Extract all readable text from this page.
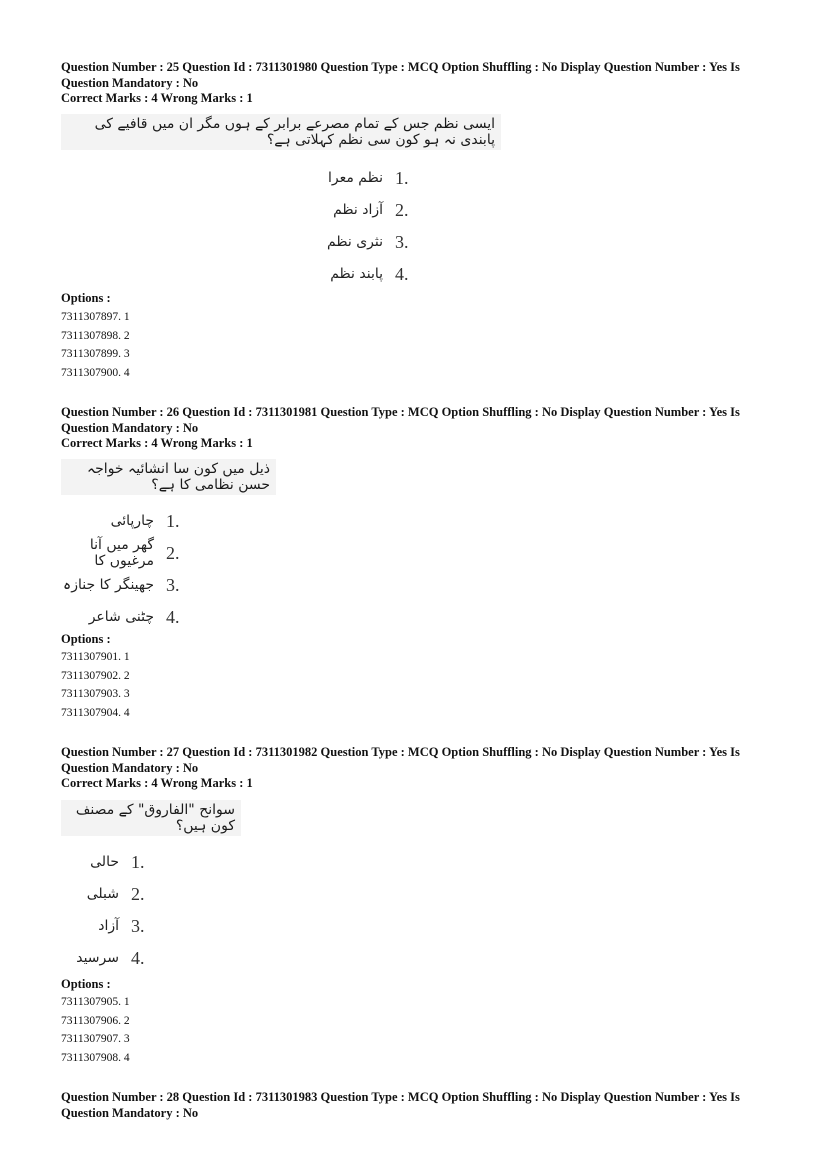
Question Number : 25 Question Id : 7311301980 Question Type : MCQ Option Shuffling : No Display Question Number : Yes Is

Question Mandatory : No

Correct Marks : 4 Wrong Marks : 1

ایسی نظم جس کے تمام مصرعے برابر کے ہوں مگر ان میں قافیے کی پابندی نہ ہو کون سی نظم کہلاتی ہے؟
نظم معرا 1.
آزاد نظم 2.
نثری نظم 3.
پابند نظم 4.

Options :

7311307897. 1
7311307898. 2
7311307899. 3
7311307900. 4

Question Number : 26 Question Id : 7311301981 Question Type : MCQ Option Shuffling : No Display Question Number : Yes Is

Question Mandatory : No

Correct Marks : 4 Wrong Marks : 1

ذیل میں کون سا انشائیہ خواجہ حسن نظامی کا ہے؟
چارپائی 1.
گھر میں آنا مرغیوں کا 2.
جھینگر کا جنازہ 3.
چٹنی شاعر 4.

Options :

7311307901. 1
7311307902. 2
7311307903. 3
7311307904. 4

Question Number : 27 Question Id : 7311301982 Question Type : MCQ Option Shuffling : No Display Question Number : Yes Is

Question Mandatory : No

Correct Marks : 4 Wrong Marks : 1

سوانح "الفاروق" کے مصنف کون ہیں؟
حالی 1.
شبلی 2.
آزاد 3.
سرسید 4.

Options :

7311307905. 1
7311307906. 2
7311307907. 3
7311307908. 4

Question Number : 28 Question Id : 7311301983 Question Type : MCQ Option Shuffling : No Display Question Number : Yes Is

Question Mandatory : No
